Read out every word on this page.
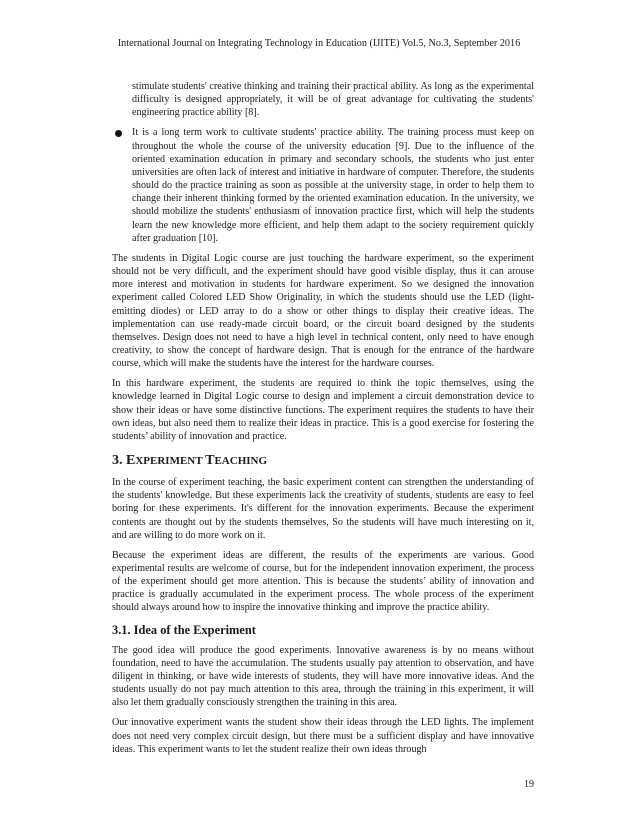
International Journal on Integrating Technology in Education (IJITE) Vol.5, No.3, September 2016

stimulate students' creative thinking and training their practical ability. As long as the experimental difficulty is designed appropriately, it will be of great advantage for cultivating the students' engineering practice ability [8].

It is a long term work to cultivate students' practice ability. The training process must keep on throughout the whole the course of the university education [9]. Due to the influence of the oriented examination education in primary and secondary schools, the students who just enter universities are often lack of interest and initiative in hardware of computer. Therefore, the students should do the practice training as soon as possible at the university stage, in order to help them to change their inherent thinking formed by the oriented examination education. In the university, we should mobilize the students' enthusiasm of innovation practice first, which will help the students learn the new knowledge more efficient, and help them adapt to the society requirement quickly after graduation [10].

The students in Digital Logic course are just touching the hardware experiment, so the experiment should not be very difficult, and the experiment should have good visible display, thus it can arouse more interest and motivation in students for hardware experiment. So we designed the innovation experiment called Colored LED Show Originality, in which the students should use the LED (light-emitting diodes) or LED array to do a show or other things to display their creative ideas. The implementation can use ready-made circuit board, or the circuit board designed by the students themselves. Design does not need to have a high level in technical content, only need to have enough creativity, to show the concept of hardware design. That is enough for the entrance of the hardware course, which will make the students have the interest for the hardware courses.

In this hardware experiment, the students are required to think the topic themselves, using the knowledge learned in Digital Logic course to design and implement a circuit demonstration device to show their ideas or have some distinctive functions. The experiment requires the students to have their own ideas, but also need them to realize their ideas in practice. This is a good exercise for fostering the students’ ability of innovation and practice.

3. EXPERIMENT TEACHING

In the course of experiment teaching, the basic experiment content can strengthen the understanding of the students' knowledge. But these experiments lack the creativity of students, students are easy to feel boring for these experiments. It's different for the innovation experiments. Because the experiment contents are thought out by the students themselves, So the students will have much interesting on it, and are willing to do more work on it.

Because the experiment ideas are different, the results of the experiments are various. Good experimental results are welcome of course, but for the independent innovation experiment, the process of the experiment should get more attention. This is because the students’ ability of innovation and practice is gradually accumulated in the experiment process. The whole process of the experiment should always around how to inspire the innovative thinking and improve the practice ability.

3.1. Idea of the Experiment

The good idea will produce the good experiments. Innovative awareness is by no means without foundation, need to have the accumulation. The students usually pay attention to observation, and have diligent in thinking, or have wide interests of students, they will have more innovative ideas. And the students usually do not pay much attention to this area, through the training in this experiment, it will also let them gradually consciously strengthen the training in this area.

Our innovative experiment wants the student show their ideas through the LED lights. The implement does not need very complex circuit design, but there must be a sufficient display and have innovative ideas. This experiment wants to let the student realize their own ideas through

19
